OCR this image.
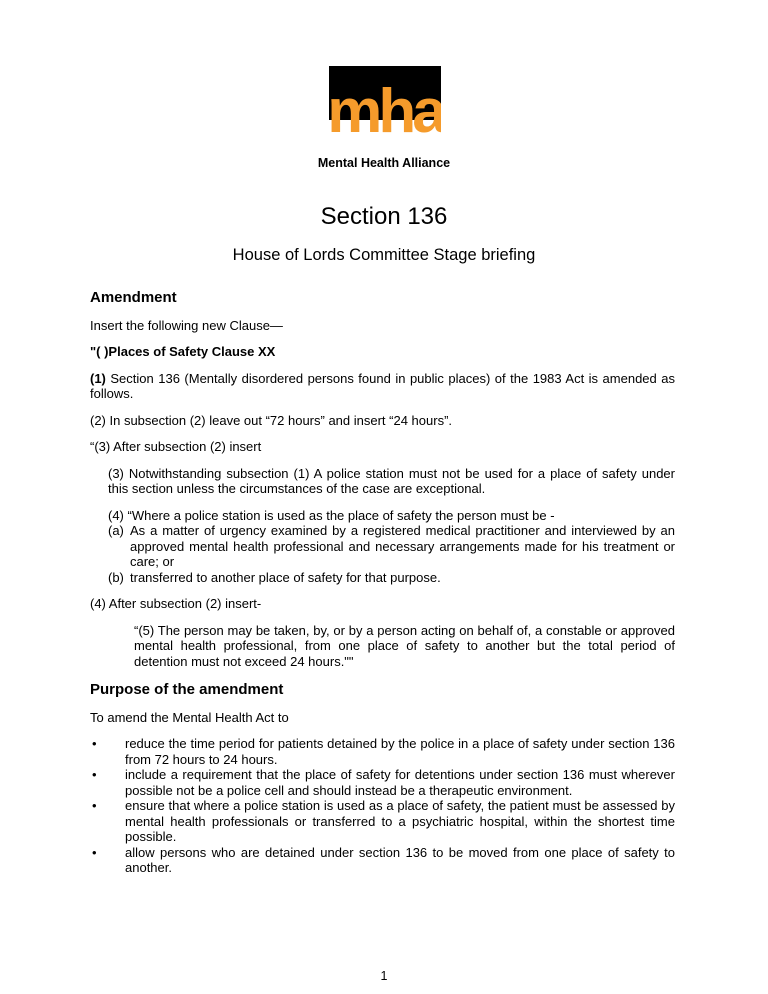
mha
Mental Health Alliance
Section 136
House of Lords Committee Stage briefing
Amendment

Insert the following new Clause—

"( )Places of Safety Clause XX

(1) Section 136 (Mentally disordered persons found in public places) of the 1983 Act is amended as follows.

(2) In subsection (2) leave out “72 hours” and insert “24 hours”.

“(3) After subsection (2) insert

(3) Notwithstanding subsection (1) A police station must not be used for a place of safety under this section unless the circumstances of the case are exceptional.

(4) “Where a police station is used as the place of safety the person must be -

(a) As a matter of urgency examined by a registered medical practitioner and interviewed by an approved mental health professional and necessary arrangements made for his treatment or care; or
(b) transferred to another place of safety for that purpose.

(4) After subsection (2) insert-

“(5) The person may be taken, by, or by a person acting on behalf of, a constable or approved mental health professional, from one place of safety to another but the total period of detention must not exceed 24 hours.""

Purpose of the amendment

To amend the Mental Health Act to

• reduce the time period for patients detained by the police in a place of safety under section 136 from 72 hours to 24 hours.
• include a requirement that the place of safety for detentions under section 136 must wherever possible not be a police cell and should instead be a therapeutic environment.
• ensure that where a police station is used as a place of safety, the patient must be assessed by mental health professionals or transferred to a psychiatric hospital, within the shortest time possible.
• allow persons who are detained under section 136 to be moved from one place of safety to another.
1
